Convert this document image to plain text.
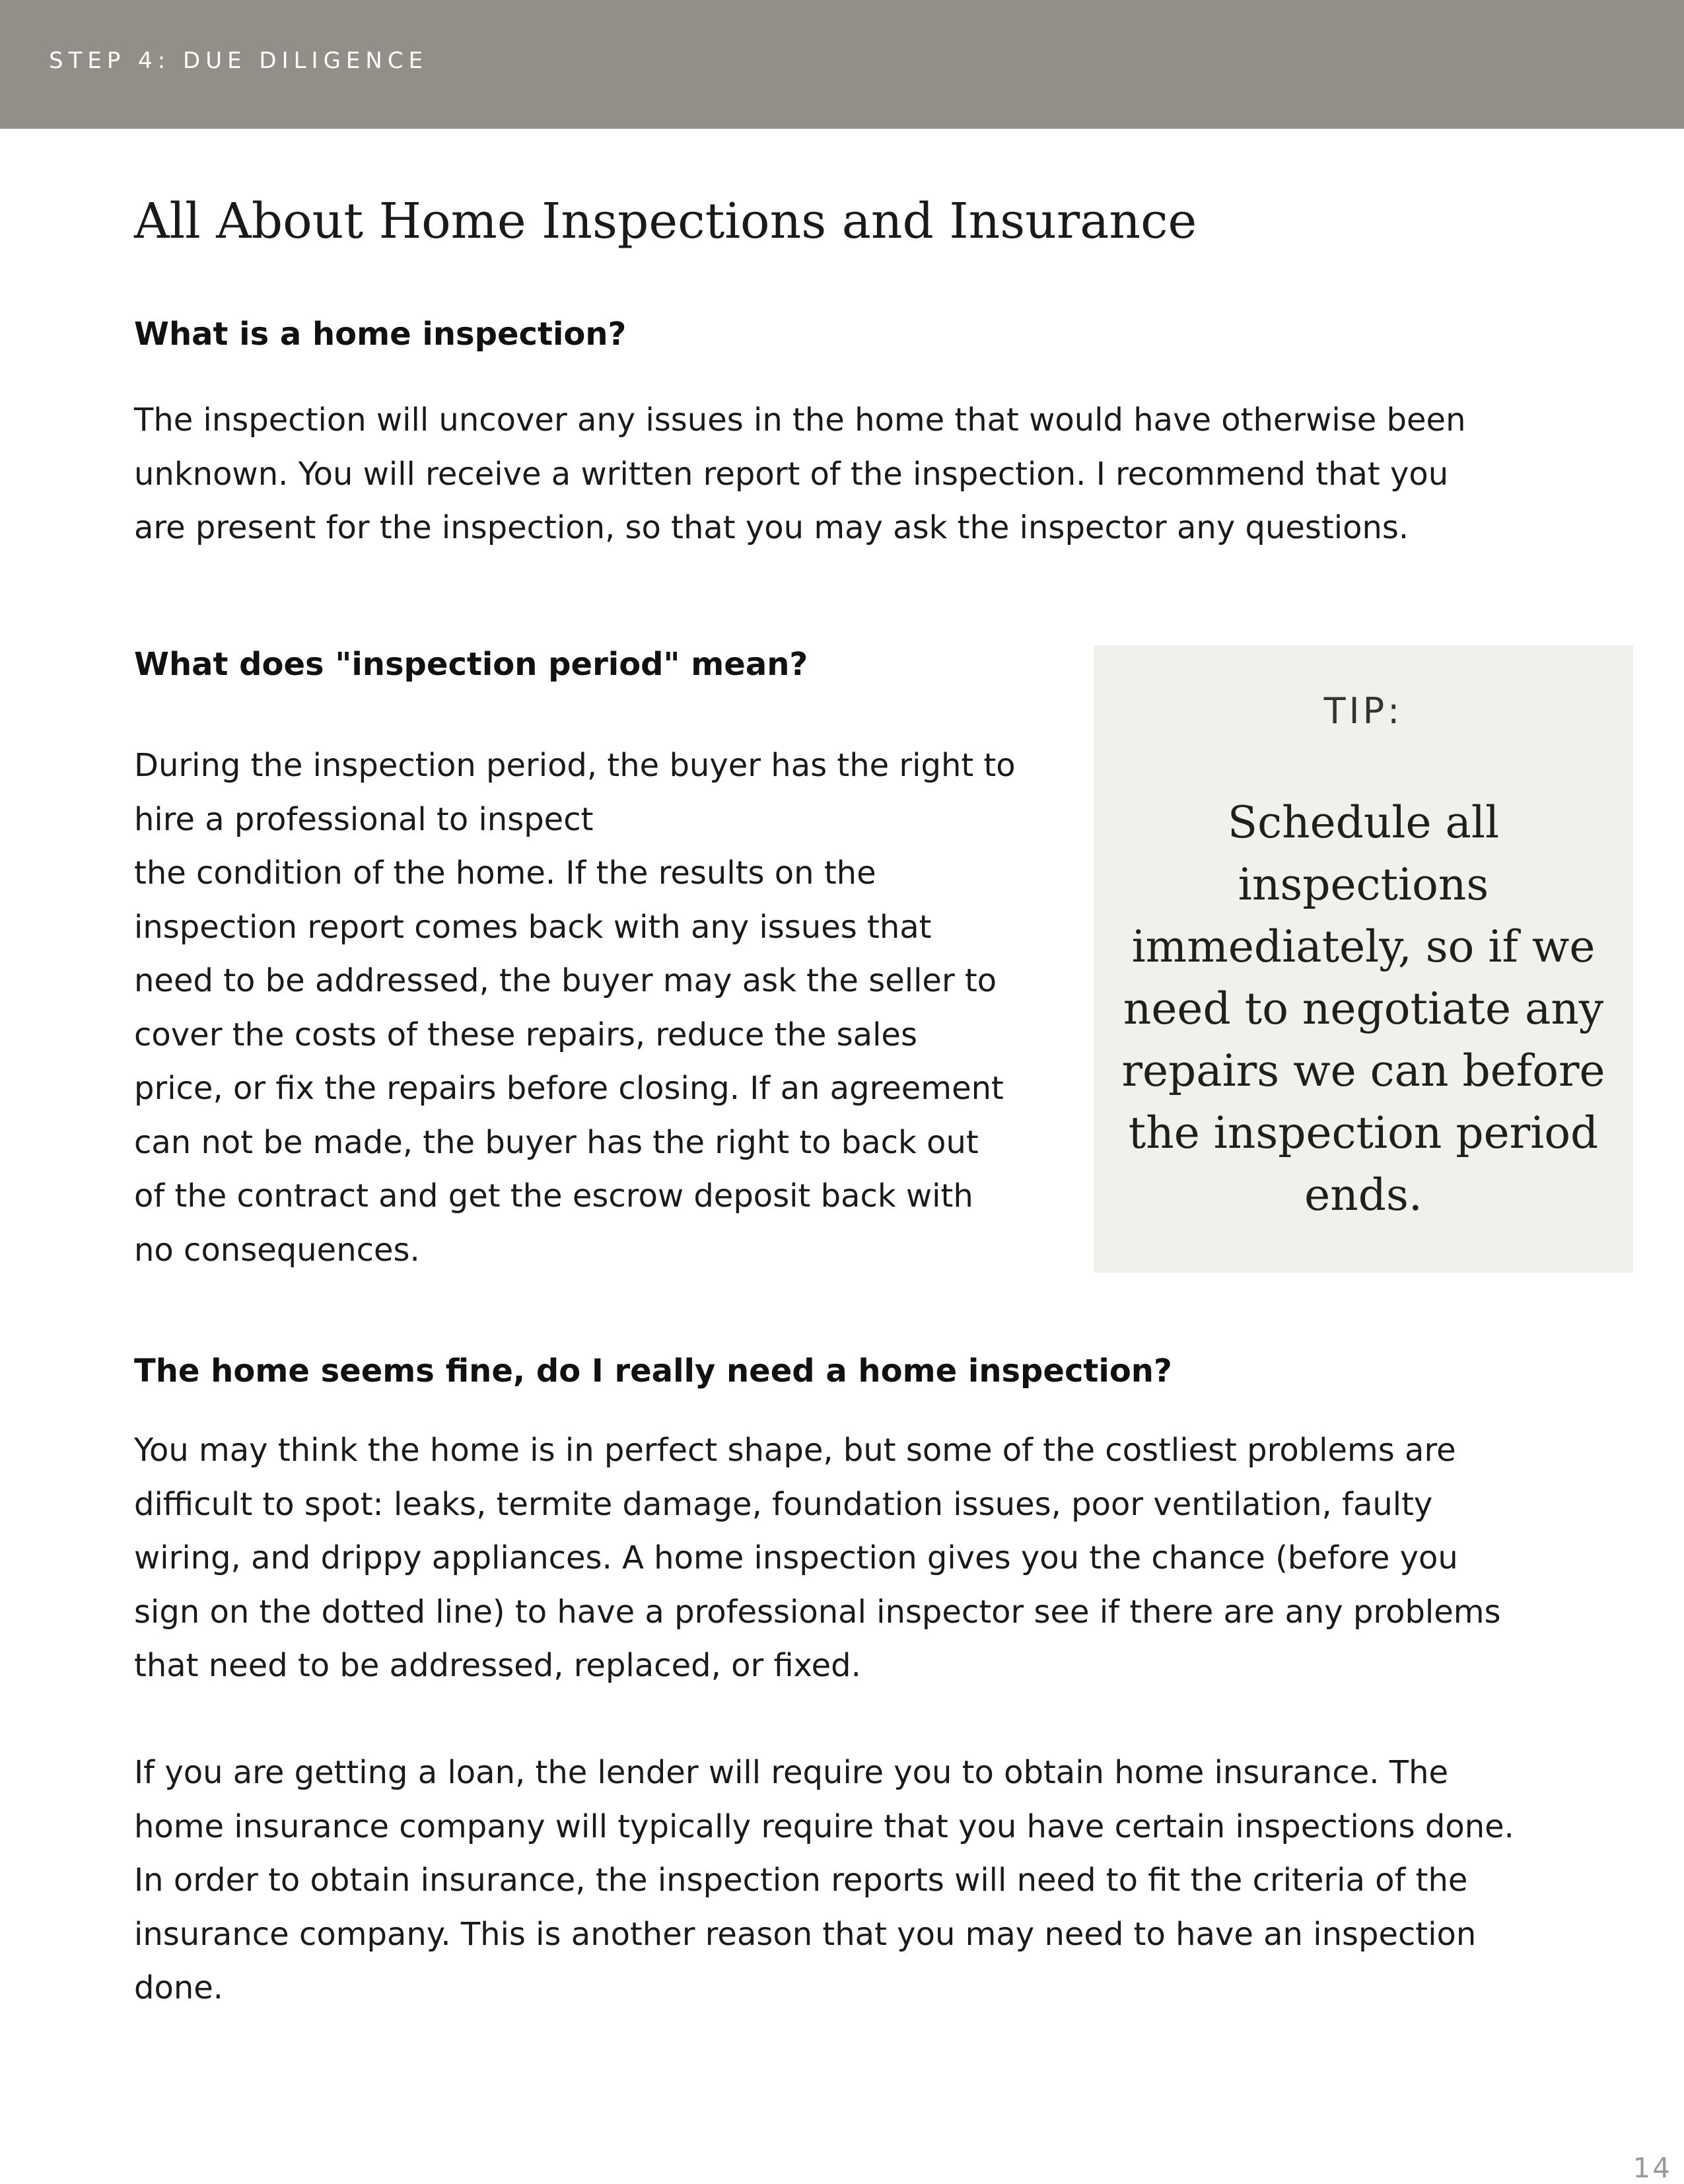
STEP 4: DUE DILIGENCE
All About Home Inspections and Insurance
What is a home inspection?
The inspection will uncover any issues in the home that would have otherwise been
unknown. You will receive a written report of the inspection. I recommend that you
are present for the inspection, so that you may ask the inspector any questions.
What does "inspection period" mean?
During the inspection period, the buyer has the right to
hire a professional to inspect
the condition of the home. If the results on the
inspection report comes back with any issues that
need to be addressed, the buyer may ask the seller to
cover the costs of these repairs, reduce the sales
price, or fix the repairs before closing. If an agreement
can not be made, the buyer has the right to back out
of the contract and get the escrow deposit back with
no consequences.
TIP:
Schedule all
inspections
immediately, so if we
need to negotiate any
repairs we can before
the inspection period
ends.
The home seems fine, do I really need a home inspection?
You may think the home is in perfect shape, but some of the costliest problems are
difficult to spot: leaks, termite damage, foundation issues, poor ventilation, faulty
wiring, and drippy appliances. A home inspection gives you the chance (before you
sign on the dotted line) to have a professional inspector see if there are any problems
that need to be addressed, replaced, or fixed.
If you are getting a loan, the lender will require you to obtain home insurance. The
home insurance company will typically require that you have certain inspections done.
In order to obtain insurance, the inspection reports will need to fit the criteria of the
insurance company. This is another reason that you may need to have an inspection
done.
14
